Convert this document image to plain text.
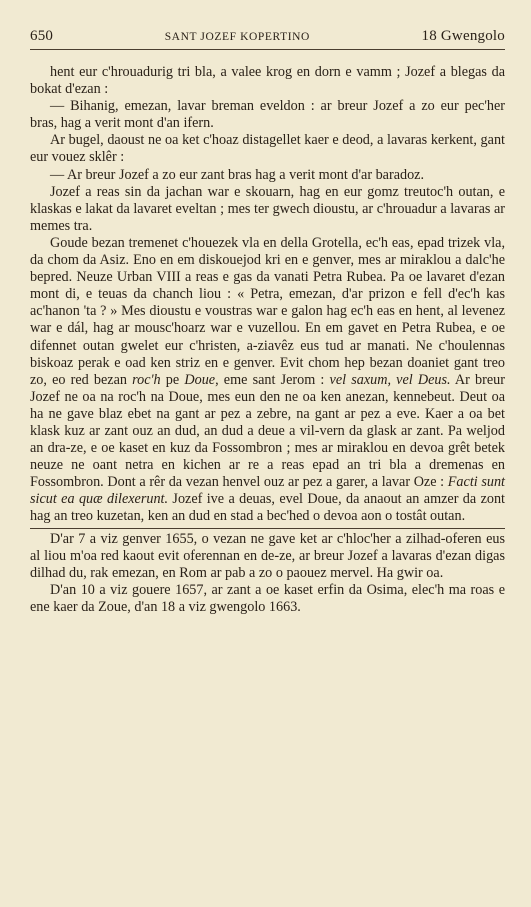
650	SANT JOZEF KOPERTINO	18 Gwengolo

hent eur c'hrouadurig tri bla, a valee krog en dorn e vamm ; Jozef a blegas da bokat d'ezan :

— Bihanig, emezan, lavar breman eveldon : ar breur Jozef a zo eur pec'her bras, hag a verit mont d'an ifern.

Ar bugel, daoust ne oa ket c'hoaz distagellet kaer e deod, a lavaras kerkent, gant eur vouez sklêr :

— Ar breur Jozef a zo eur zant bras hag a verit mont d'ar baradoz.

Jozef a reas sin da jachan war e skouarn, hag en eur gomz treutoc'h outan, e klaskas e lakat da lavaret eveltan ; mes ter gwech dioustu, ar c'hrouadur a lavaras ar memes tra.

Goude bezan tremenet c'houezek vla en della Grotella, ec'h eas, epad trizek vla, da chom da Asiz. Eno en em diskouejod kri en e genver, mes ar miraklou a dalc'he bepred. Neuze Urban VIII a reas e gas da vanati Petra Rubea. Pa oe lavaret d'ezan mont di, e teuas da chanch liou : « Petra, emezan, d'ar prizon e fell d'ec'h kas ac'hanon 'ta ? » Mes dioustu e voustras war e galon hag ec'h eas en hent, al levenez war e dál, hag ar mousc'hoarz war e vuzellou. En em gavet en Petra Rubea, e oe difennet outan gwelet eur c'hristen, a-ziavêz eus tud ar manati. Ne c'houlennas biskoaz perak e oad ken striz en e genver. Evit chom hep bezan doaniet gant treo zo, eo red bezan roc'h pe Doue, eme sant Jerom : vel saxum, vel Deus. Ar breur Jozef ne oa na roc'h na Doue, mes eun den ne oa ken anezan, kennebeut. Deut oa ha ne gave blaz ebet na gant ar pez a zebre, na gant ar pez a eve. Kaer a oa bet klask kuz ar zant ouz an dud, an dud a deue a vil-vern da glask ar zant. Pa weljod an dra-ze, e oe kaset en kuz da Fossombron ; mes ar miraklou en devoa grêt betek neuze ne oant netra en kichen ar re a reas epad an tri bla a dremenas en Fossombron. Dont a rêr da vezan henvel ouz ar pez a garer, a lavar Oze : Facti sunt sicut ea quæ dilexerunt. Jozef ive a deuas, evel Doue, da anaout an amzer da zont hag an treo kuzetan, ken an dud en stad a bec'hed o devoa aon o tostât outan.

D'ar 7 a viz genver 1655, o vezan ne gave ket ar c'hloc'her a zilhad-oferen eus al liou m'oa red kaout evit oferennan en de-ze, ar breur Jozef a lavaras d'ezan digas dilhad du, rak emezan, en Rom ar pab a zo o paouez mervel. Ha gwir oa.

D'an 10 a viz gouere 1657, ar zant a oe kaset erfin da Osima, elec'h ma roas e ene kaer da Zoue, d'an 18 a viz gwengolo 1663.
